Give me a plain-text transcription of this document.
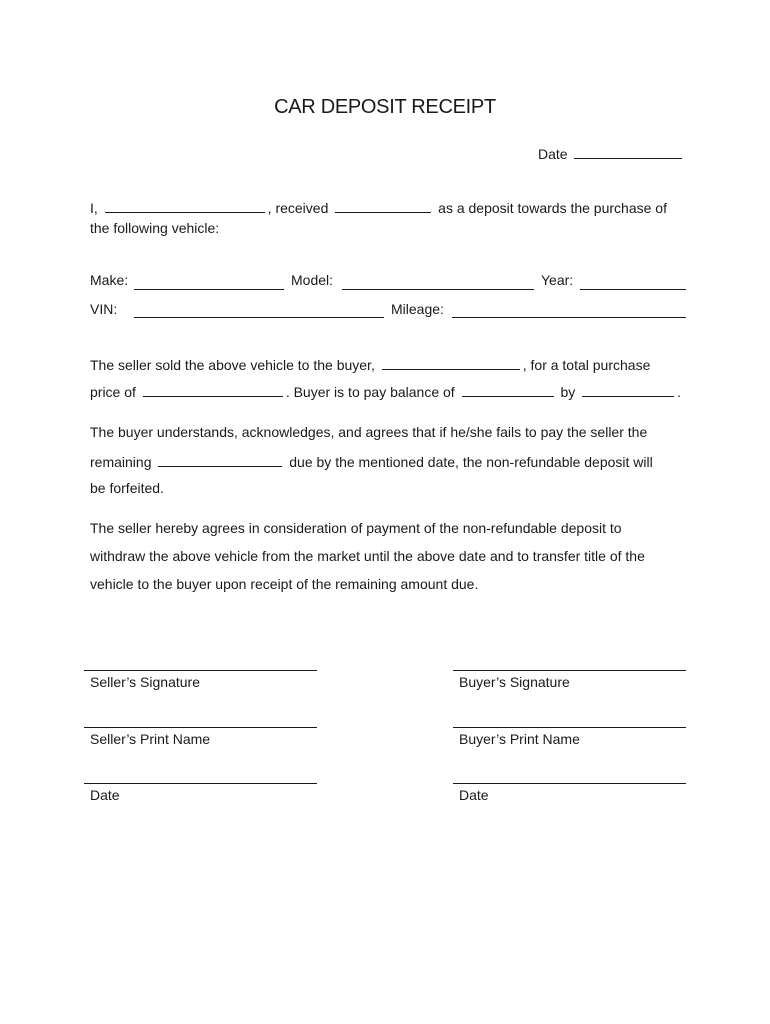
CAR DEPOSIT RECEIPT
Date
I,	, received	as a deposit towards the purchase of
the following vehicle:
Make:	Model:	Year:
VIN:	Mileage:
The seller sold the above vehicle to the buyer,	, for a total purchase
price of	. Buyer is to pay balance of	by	.
The buyer understands, acknowledges, and agrees that if he/she fails to pay the seller the
remaining	due by the mentioned date, the non-refundable deposit will
be forfeited.
The seller hereby agrees in consideration of payment of the non-refundable deposit to
withdraw the above vehicle from the market until the above date and to transfer title of the
vehicle to the buyer upon receipt of the remaining amount due.
Seller’s Signature	Buyer’s Signature
Seller’s Print Name	Buyer’s Print Name
Date	Date
